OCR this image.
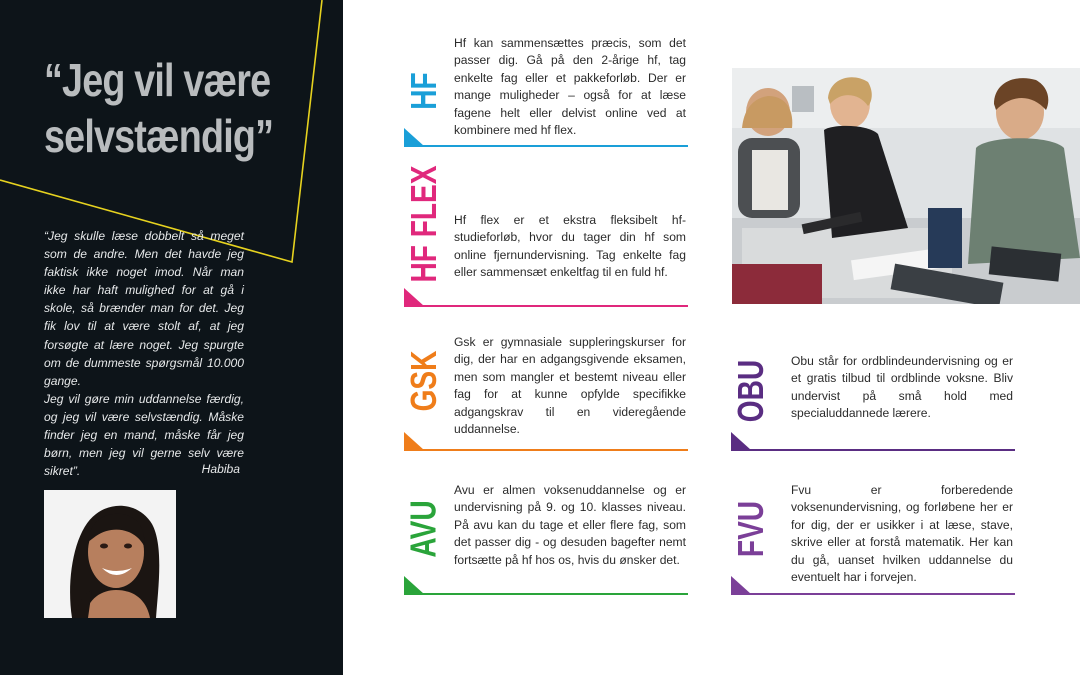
“Jeg vil være
selvstændig”

“Jeg skulle læse dobbelt så meget som de andre. Men det havde jeg faktisk ikke noget imod. Når man ikke har haft mulighed for at gå i skole, så brænder man for det. Jeg fik lov til at være stolt af, at jeg forsøgte at lære noget. Jeg spurgte om de dummeste spørgsmål 10.000 gange.

Jeg vil gøre min uddannelse færdig, og jeg vil være selvstændig. Måske finder jeg en mand, måske får jeg børn, men jeg vil gerne selv være sikret”.	Habiba
HF

Hf kan sammensættes præcis, som det passer dig. Gå på den 2-årige hf, tag enkelte fag eller et pakkeforløb. Der er mange muligheder – også for at læse fagene helt eller delvist online ved at kombinere med hf flex.

HF FLEX Hf flex er et ekstra fleksibelt hf-studieforløb, hvor du tager din hf som online fjernundervisning. Tag enkelte fag eller sammensæt enkeltfag til en fuld hf.

GSK

Gsk er gymnasiale suppleringskurser for dig, der har en adgangsgivende eksamen, men som mangler et bestemt niveau eller fag for at kunne opfylde specifikke adgangskrav til en videregående uddannelse.

OBU Obu står for ordblindeundervisning og er et gratis tilbud til ordblinde voksne. Bliv undervist på små hold med specialuddannede lærere.

AVU

Avu er almen voksenuddannelse og er undervisning på 9. og 10. klasses niveau. På avu kan du tage et eller flere fag, som det passer dig - og desuden bagefter nemt fortsætte på hf hos os, hvis du ønsker det.

FVU

Fvu er forberedende voksenundervisning, og forløbene her er for dig, der er usikker i at læse, stave, skrive eller at forstå matematik. Her kan du gå, uanset hvilken uddannelse du eventuelt har i forvejen.
